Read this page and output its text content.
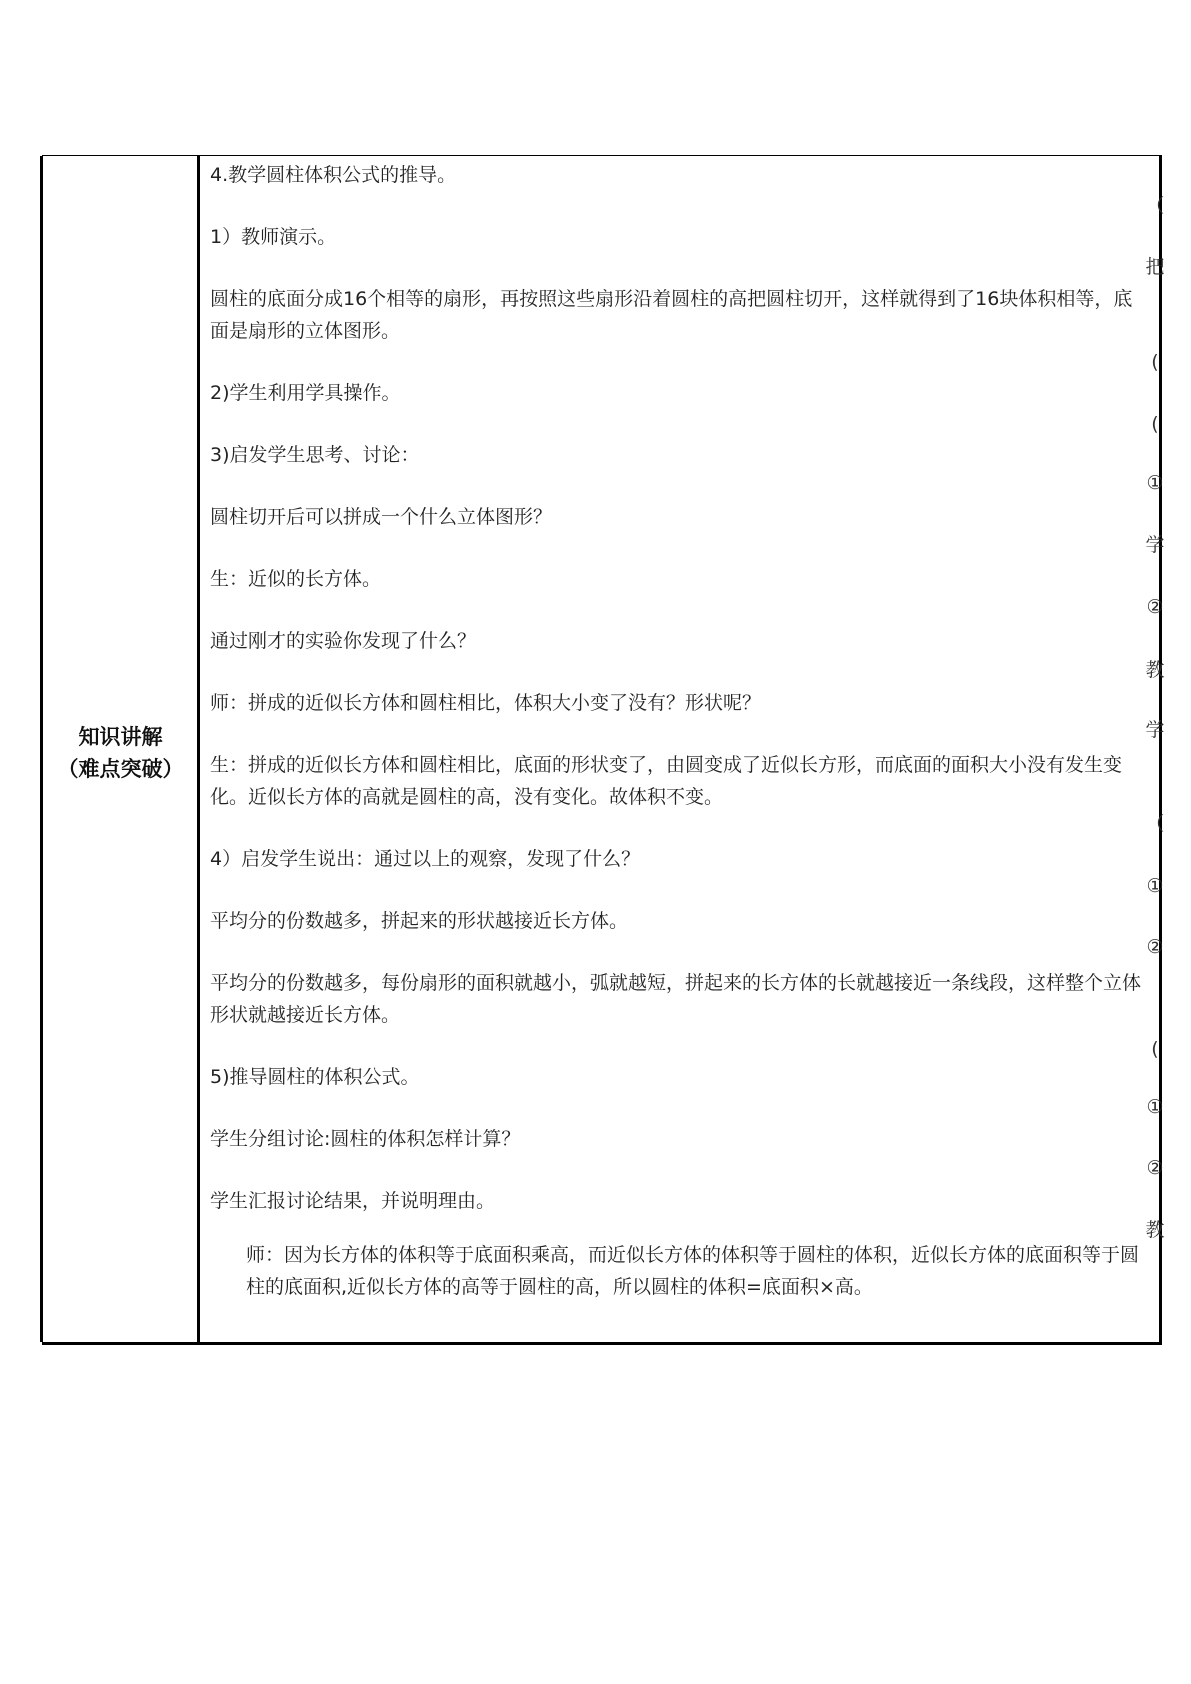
知识讲解
（难点突破）

4.教学圆柱体积公式的推导。

1）教师演示。

圆柱的底面分成16个相等的扇形，再按照这些扇形沿着圆柱的高把圆柱切开，这样就得到了16块体积相等，底面是扇形的立体图形。

2)学生利用学具操作。

3)启发学生思考、讨论：

圆柱切开后可以拼成一个什么立体图形？

生：近似的长方体。

通过刚才的实验你发现了什么？

师：拼成的近似长方体和圆柱相比，体积大小变了没有？形状呢？

生：拼成的近似长方体和圆柱相比，底面的形状变了，由圆变成了近似长方形，而底面的面积大小没有发生变化。近似长方体的高就是圆柱的高，没有变化。故体积不变。

4）启发学生说出：通过以上的观察，发现了什么？

平均分的份数越多，拼起来的形状越接近长方体。

平均分的份数越多，每份扇形的面积就越小，弧就越短，拼起来的长方体的长就越接近一条线段，这样整个立体形状就越接近长方体。

5)推导圆柱的体积公式。

学生分组讨论:圆柱的体积怎样计算？

学生汇报讨论结果，并说明理由。

师：因为长方体的体积等于底面积乘高，而近似长方体的体积等于圆柱的体积，近似长方体的底面积等于圆柱的底面积,近似长方体的高等于圆柱的高，所以圆柱的体积=底面积×高。

（
把
(
(
①
学
②
教
学
（
①
②
(
①
②
教
